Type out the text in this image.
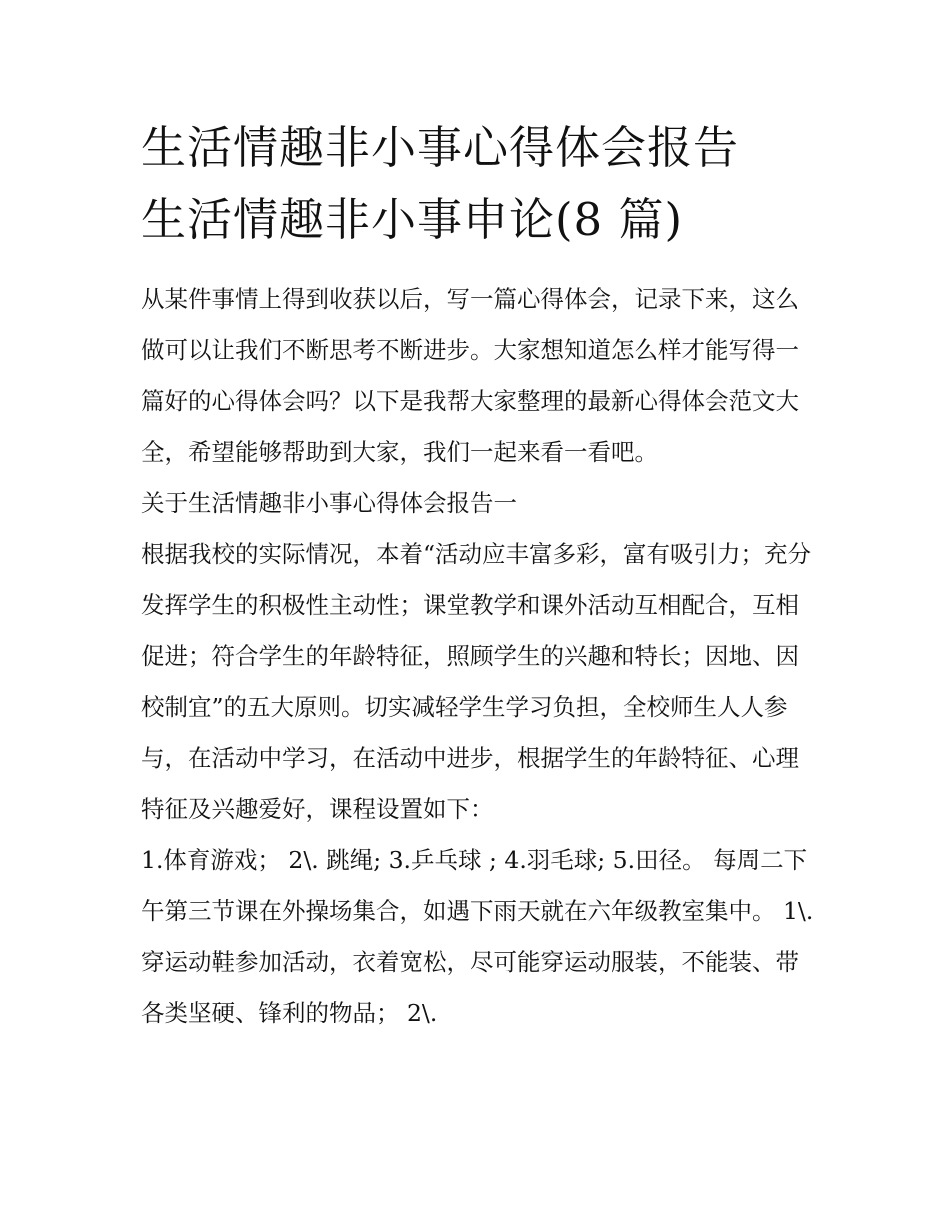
生活情趣非小事心得体会报告
生活情趣非小事申论(8 篇)

从某件事情上得到收获以后，写一篇心得体会，记录下来，这么做可以让我们不断思考不断进步。大家想知道怎么样才能写得一篇好的心得体会吗？以下是我帮大家整理的最新心得体会范文大全，希望能够帮助到大家，我们一起来看一看吧。

关于生活情趣非小事心得体会报告一

根据我校的实际情况，本着“活动应丰富多彩，富有吸引力；充分发挥学生的积极性主动性；课堂教学和课外活动互相配合，互相促进；符合学生的年龄特征，照顾学生的兴趣和特长；因地、因校制宜”的五大原则。切实减轻学生学习负担，全校师生人人参与，在活动中学习，在活动中进步，根据学生的年龄特征、心理特征及兴趣爱好，课程设置如下：

1.体育游戏； 2\. 跳绳; 3.乒乓球 ; 4.羽毛球; 5.田径。 每周二下午第三节课在外操场集合，如遇下雨天就在六年级教室集中。 1\.

穿运动鞋参加活动，衣着宽松，尽可能穿运动服装，不能装、带各类坚硬、锋利的物品； 2\.
